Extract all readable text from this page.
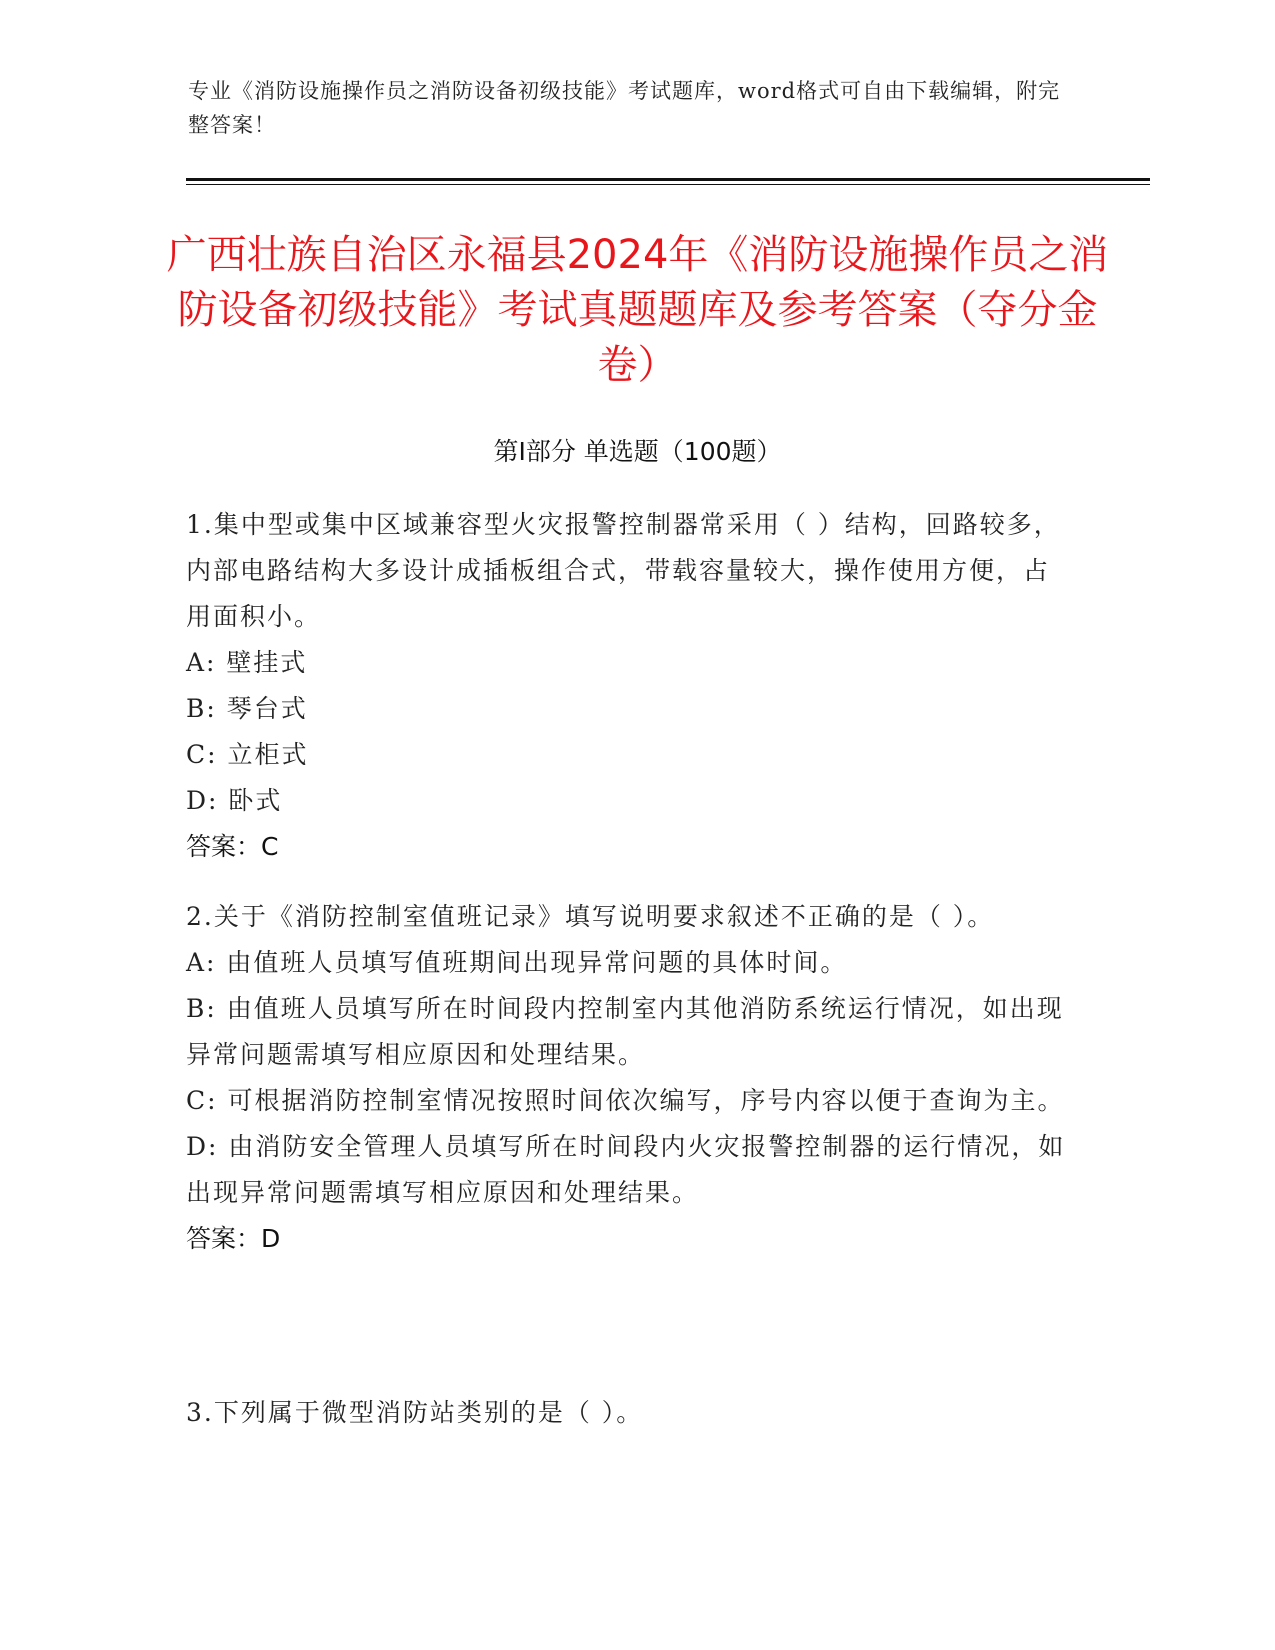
专业《消防设施操作员之消防设备初级技能》考试题库，word格式可自由下载编辑，附完整答案！
广西壮族自治区永福县2024年《消防设施操作员之消防设备初级技能》考试真题题库及参考答案（夺分金卷）
第Ⅰ部分 单选题（100题）

1.集中型或集中区域兼容型火灾报警控制器常采用（ ）结构，回路较多，内部电路结构大多设计成插板组合式，带载容量较大，操作使用方便，占用面积小。

A: 壁挂式

B: 琴台式

C: 立柜式

D: 卧式

答案：C

2.关于《消防控制室值班记录》填写说明要求叙述不正确的是（ ）。

A: 由值班人员填写值班期间出现异常问题的具体时间。

B: 由值班人员填写所在时间段内控制室内其他消防系统运行情况，如出现异常问题需填写相应原因和处理结果。

C: 可根据消防控制室情况按照时间依次编写，序号内容以便于查询为主。

D: 由消防安全管理人员填写所在时间段内火灾报警控制器的运行情况，如出现异常问题需填写相应原因和处理结果。

答案：D

3.下列属于微型消防站类别的是（ ）。
